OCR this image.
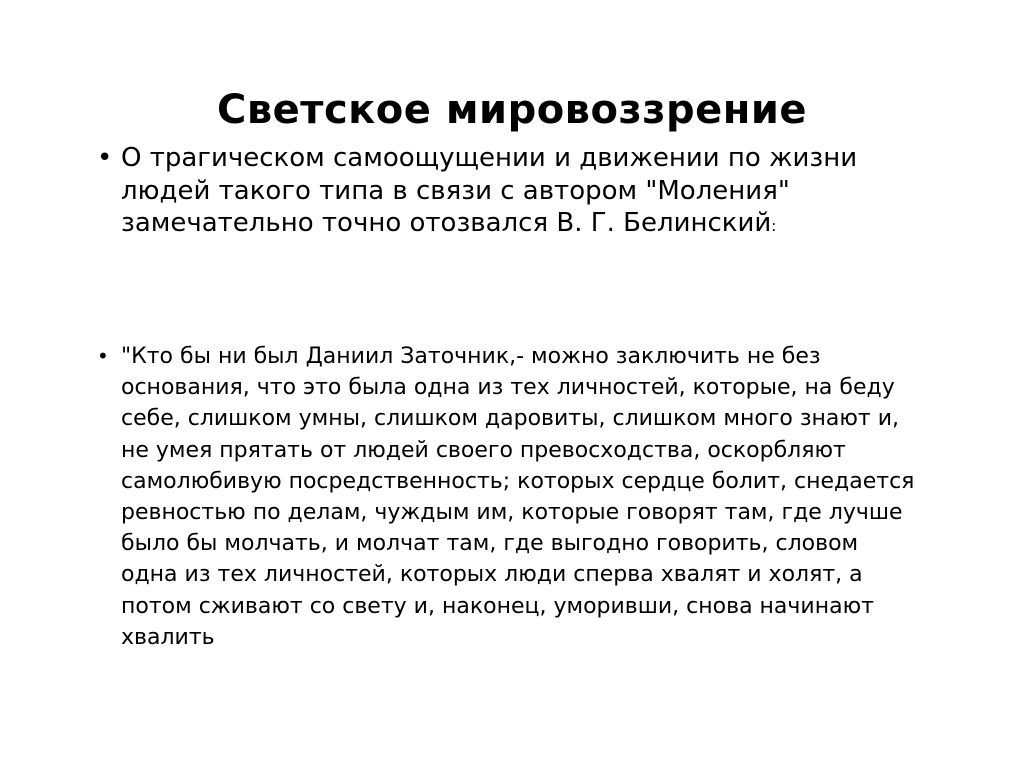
Светское мировоззрение
• О трагическом самоощущении и движении по жизни
людей такого типа в связи с автором "Моления"
замечательно точно отозвался В. Г. Белинский:
• "Кто бы ни был Даниил Заточник,- можно заключить не без
основания, что это была одна из тех личностей, которые, на беду
себе, слишком умны, слишком даровиты, слишком много знают и,
не умея прятать от людей своего превосходства, оскорбляют
самолюбивую посредственность; которых сердце болит, снедается
ревностью по делам, чуждым им, которые говорят там, где лучше
было бы молчать, и молчат там, где выгодно говорить, словом
одна из тех личностей, которых люди сперва хвалят и холят, а
потом сживают со свету и, наконец, уморивши, снова начинают
хвалить
